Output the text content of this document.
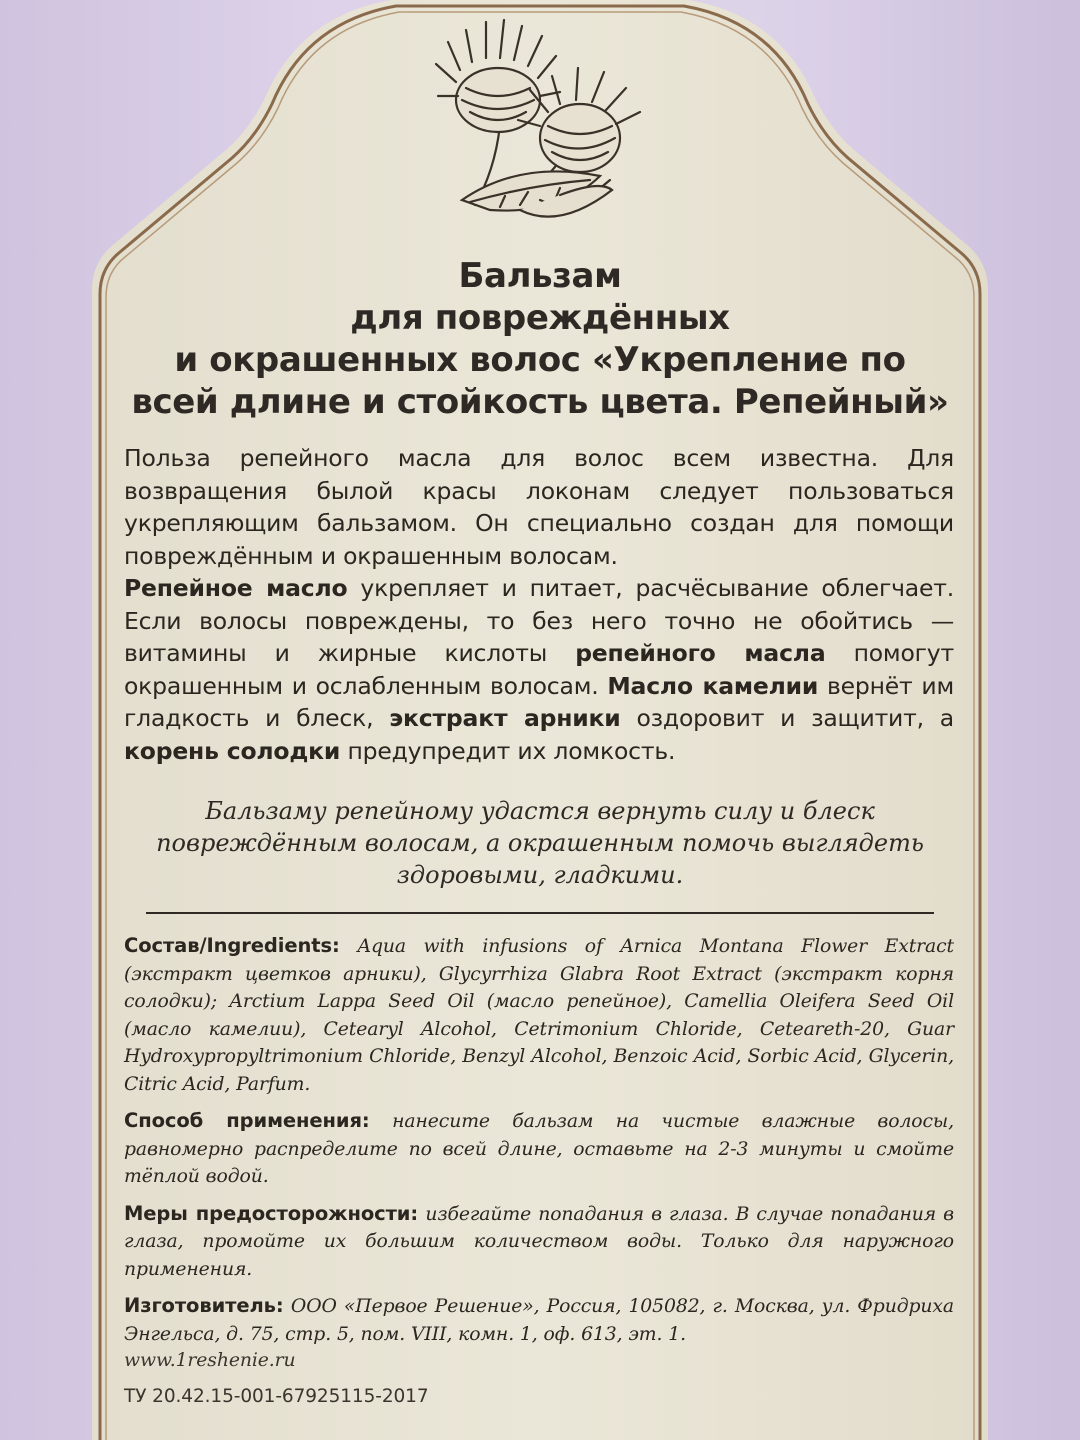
Бальзам
для повреждённых
и окрашенных волос «Укрепление по
всей длине и стойкость цвета. Репейный»

Польза репейного масла для волос всем известна. Для возвращения былой красы локонам следует пользоваться укрепляющим бальзамом. Он специально создан для помощи повреждённым и окрашенным волосам.

Репейное масло укрепляет и питает, расчёсывание облегчает. Если волосы повреждены, то без него точно не обойтись — витамины и жирные кислоты репейного масла помогут окрашенным и ослабленным волосам. Масло камелии вернёт им гладкость и блеск, экстракт арники оздоровит и защитит, а корень солодки предупредит их ломкость.

Бальзаму репейному удастся вернуть силу и блеск
повреждённым волосам, а окрашенным помочь выглядеть
здоровыми, гладкими.

Состав/Ingredients: Aqua with infusions of Arnica Montana Flower Extract (экстракт цветков арники), Glycyrrhiza Glabra Root Extract (экстракт корня солодки); Arctium Lappa Seed Oil (масло репейное), Camellia Oleifera Seed Oil (масло камелии), Cetearyl Alcohol, Cetrimonium Chloride, Ceteareth-20, Guar Hydroxypropyltrimonium Chloride, Benzyl Alcohol, Benzoic Acid, Sorbic Acid, Glycerin, Citric Acid, Parfum.

Способ применения: нанесите бальзам на чистые влажные волосы, равномерно распределите по всей длине, оставьте на 2-3 минуты и смойте тёплой водой.

Меры предосторожности: избегайте попадания в глаза. В случае попадания в глаза, промойте их большим количеством воды. Только для наружного применения.

Изготовитель: ООО «Первое Решение», Россия, 105082, г. Москва, ул. Фридриха Энгельса, д. 75, стр. 5, пом. VIII, комн. 1, оф. 613, эт. 1.

www.1reshenie.ru

ТУ 20.42.15-001-67925115-2017
